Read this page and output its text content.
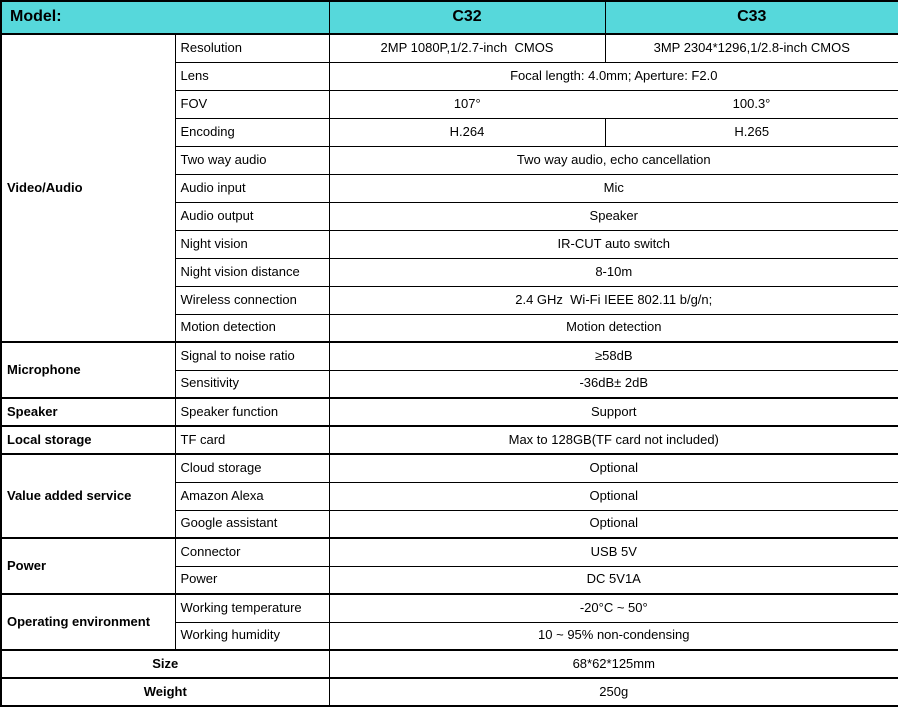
Model:		C32	C33
Video/Audio	Resolution	2MP 1080P,1/2.7-inch  CMOS	3MP 2304*1296,1/2.8-inch CMOS
	Lens	Focal length: 4.0mm; Aperture: F2.0	
	FOV	107°	100.3°
	Encoding	H.264	H.265
	Two way audio	Two way audio, echo cancellation	
	Audio input	Mic	
	Audio output	Speaker	
	Night vision	IR-CUT auto switch	
	Night vision distance	8-10m	
	Wireless connection	2.4 GHz  Wi-Fi IEEE 802.11 b/g/n;	
	Motion detection	Motion detection	
Microphone	Signal to noise ratio	≥58dB	
	Sensitivity	-36dB± 2dB	
Speaker	Speaker function	Support	
Local storage	TF card	Max to 128GB(TF card not included)	
Value added service	Cloud storage	Optional	
	Amazon Alexa	Optional	
	Google assistant	Optional	
Power	Connector	USB 5V	
	Power	DC 5V1A	
Operating environment	Working temperature	-20°C ~ 50°	
	Working humidity	10 ~ 95% non-condensing	
Size		68*62*125mm	
Weight		250g	
